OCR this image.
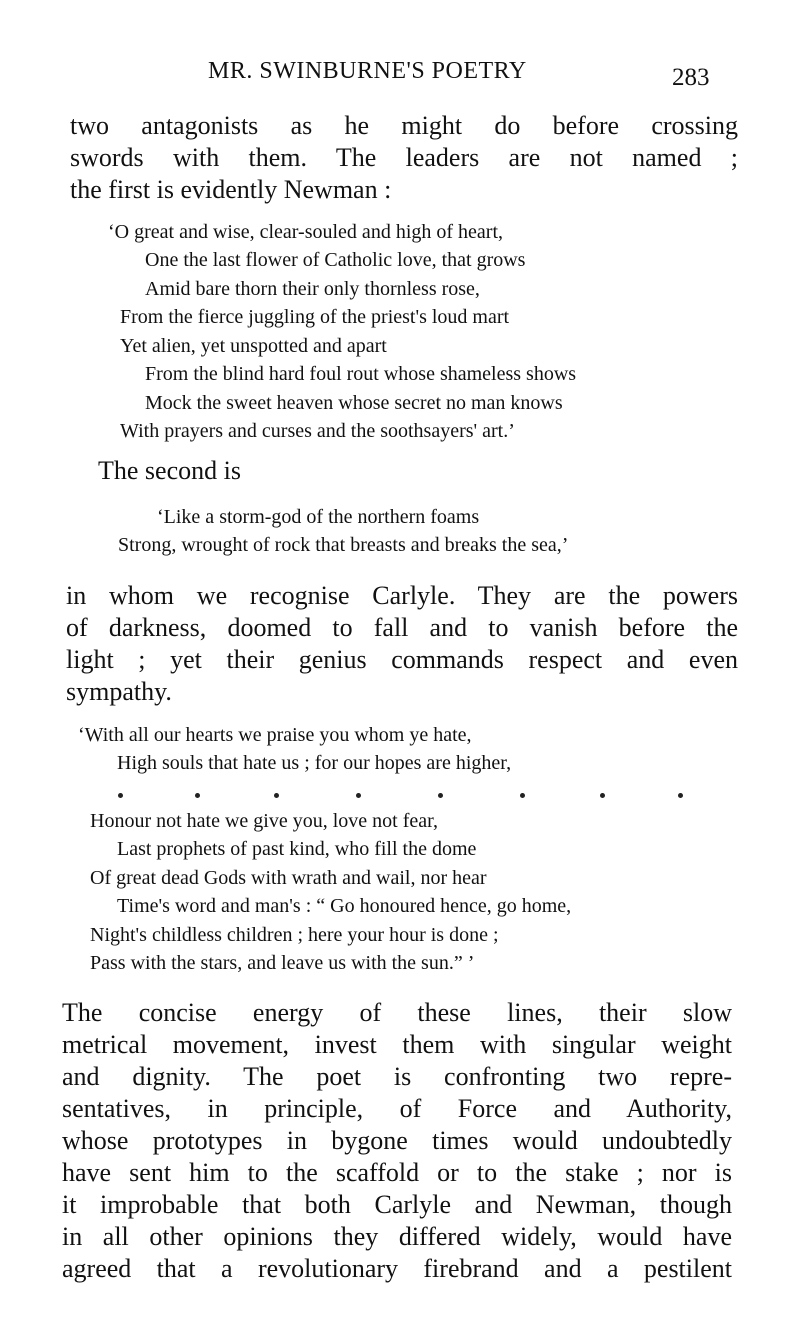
MR. SWINBURNE'S POETRY	283
two antagonists as he might do before crossing
swords with them. The leaders are not named ;
the first is evidently Newman :
‘O great and wise, clear-souled and high of heart,
One the last flower of Catholic love, that grows
Amid bare thorn their only thornless rose,
From the fierce juggling of the priest's loud mart
Yet alien, yet unspotted and apart
From the blind hard foul rout whose shameless shows
Mock the sweet heaven whose secret no man knows
With prayers and curses and the soothsayers' art.’
The second is
‘Like a storm-god of the northern foams
Strong, wrought of rock that breasts and breaks the sea,’
in whom we recognise Carlyle. They are the powers
of darkness, doomed to fall and to vanish before the
light ; yet their genius commands respect and even
sympathy.
‘With all our hearts we praise you whom ye hate,
High souls that hate us ; for our hopes are higher,
Honour not hate we give you, love not fear,
Last prophets of past kind, who fill the dome
Of great dead Gods with wrath and wail, nor hear
Time's word and man's : “ Go honoured hence, go home,
Night's childless children ; here your hour is done ;
Pass with the stars, and leave us with the sun.” ’
The concise energy of these lines, their slow
metrical movement, invest them with singular weight
and dignity. The poet is confronting two repre-
sentatives, in principle, of Force and Authority,
whose prototypes in bygone times would undoubtedly
have sent him to the scaffold or to the stake ; nor is
it improbable that both Carlyle and Newman, though
in all other opinions they differed widely, would have
agreed that a revolutionary firebrand and a pestilent
